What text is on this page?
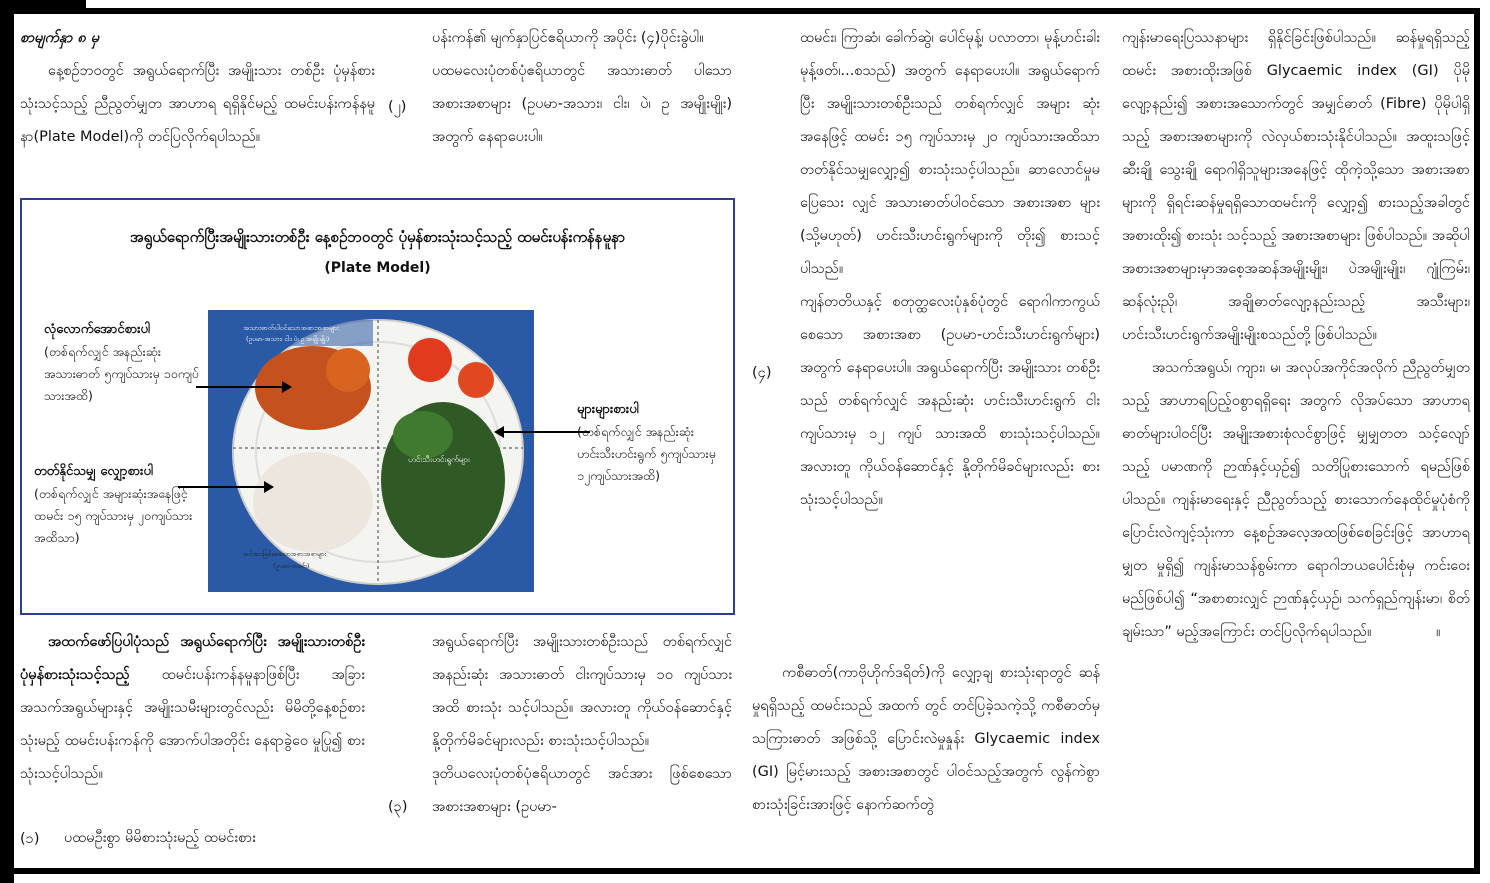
စာမျက်နှာ ၈ မှ

နေ့စဉ်ဘဝတွင် အရွယ်ရောက်ပြီး အမျိုးသား တစ်ဦး ပုံမှန်စားသုံးသင့်သည့် ညီညွတ်မျှတ အာဟာရ ရရှိနိုင်မည့် ထမင်းပန်းကန်နမူနာ(Plate Model)ကို တင်ပြလိုက်ရပါသည်။

(၂)

ပန်းကန်၏ မျက်နှာပြင်ဧရိယာကို အပိုင်း (၄)ပိုင်းခွဲပါ။

ပထမလေးပုံတစ်ပုံဧရိယာတွင် အသားဓာတ် ပါသောအစားအစာများ (ဥပမာ-အသား၊ ငါး၊ ပဲ၊ ဥ အမျိုးမျိုး) အတွက် နေရာပေးပါ။

အရွယ်ရောက်ပြီးအမျိုးသားတစ်ဦး နေ့စဉ်ဘဝတွင် ပုံမှန်စားသုံးသင့်သည့် ထမင်းပန်းကန်နမူနာ
(Plate Model)
လုံလောက်အောင်စားပါ
(တစ်ရက်လျှင် အနည်းဆုံး အသားဓာတ် ၅ကျပ်သားမှ ၁၀ကျပ်သားအထိ)
တတ်နိုင်သမျှ လျှော့စားပါ
(တစ်ရက်လျှင် အများဆုံးအနေဖြင့် ထမင်း ၁၅ ကျပ်သားမှ ၂၀ကျပ်သား အထိသာ)
များများစားပါ
(တစ်ရက်လျှင် အနည်းဆုံး ဟင်းသီးဟင်းရွက် ၅ကျပ်သားမှ ၁၂ကျပ်သားအထိ)
အသားဓာတ်ပါဝင်သောအစားအစာများ
(ဥပမာ-အသား၊ ငါး၊ ပဲ၊ ဥ အမျိုးမျိုး)
ဟင်းသီးဟင်းရွက်များ
အင်အားဖြစ်စေသောအစားအစာများ
(ဥပမာ-ထမင်း)

အထက်ဖော်ပြပါပုံသည် အရွယ်ရောက်ပြီး အမျိုးသားတစ်ဦး ပုံမှန်စားသုံးသင့်သည့် ထမင်းပန်းကန်နမူနာဖြစ်ပြီး အခြားအသက်အရွယ်များနှင့် အမျိုးသမီးများတွင်လည်း မိမိတို့နေ့စဉ်စားသုံးမည့် ထမင်းပန်းကန်ကို အောက်ပါအတိုင်း နေရာခွဲဝေ မှုပြု၍ စားသုံးသင့်ပါသည်။

(၁) ပထမဦးစွာ မိမိစားသုံးမည့် ထမင်းစား

အရွယ်ရောက်ပြီး အမျိုးသားတစ်ဦးသည် တစ်ရက်လျှင် အနည်းဆုံး အသားဓာတ် ငါးကျပ်သားမှ ၁၀ ကျပ်သားအထိ စားသုံး သင့်ပါသည်။ အလားတူ ကိုယ်ဝန်ဆောင်နှင့် နို့တိုက်မိခင်များလည်း စားသုံးသင့်ပါသည်။

ဒုတိယလေးပုံတစ်ပုံဧရိယာတွင် အင်အား ဖြစ်စေသော အစားအစာများ (ဥပမာ-

(၃)

ထမင်း၊ ကြာဆံ၊ ခေါက်ဆွဲ၊ ပေါင်မုန့်၊ ပလာတာ၊ မုန့်ဟင်းခါးမုန့်ဖတ်၊...စသည်) အတွက် နေရာပေးပါ။ အရွယ်ရောက်ပြီး အမျိုးသားတစ်ဦးသည် တစ်ရက်လျှင် အများ ဆုံးအနေဖြင့် ထမင်း ၁၅ ကျပ်သားမှ ၂၀ ကျပ်သားအထိသာ တတ်နိုင်သမျှလျှော့၍ စားသုံးသင့်ပါသည်။ ဆာလောင်မှုမပြေသေး လျှင် အသားဓာတ်ပါဝင်သော အစားအစာ များ (သို့မဟုတ်) ဟင်းသီးဟင်းရွက်များကို တိုး၍ စားသင့်ပါသည်။

ကျန်တတိယနှင့် စတုတ္ထလေးပုံနှစ်ပုံတွင် ရောဂါကာကွယ်စေသော အစားအစာ (ဥပမာ-ဟင်းသီးဟင်းရွက်များ) အတွက် နေရာပေးပါ။ အရွယ်ရောက်ပြီး အမျိုးသား တစ်ဦးသည် တစ်ရက်လျှင် အနည်းဆုံး ဟင်းသီးဟင်းရွက် ငါးကျပ်သားမှ ၁၂ ကျပ် သားအထိ စားသုံးသင့်ပါသည်။ အလားတူ ကိုယ်ဝန်ဆောင်နှင့် နို့တိုက်မိခင်များလည်း စားသုံးသင့်ပါသည်။

(၄)

ကစီဓာတ်(ကာဗိုဟိုက်ဒရိတ်)ကို လျှော့ချ စားသုံးရာတွင် ဆန်မှုရရှိသည့် ထမင်းသည် အထက် တွင် တင်ပြခဲ့သကဲ့သို့ ကစီဓာတ်မှ သကြားဓာတ် အဖြစ်သို့ ပြောင်းလဲမှုနှုန်း Glycaemic index (GI) မြင့်မားသည့် အစားအစာတွင် ပါဝင်သည့်အတွက် လွန်ကဲစွာ စားသုံးခြင်းအားဖြင့် နောက်ဆက်တွဲ

ကျန်းမာရေးပြဿနာများ ရှိနိုင်ခြင်းဖြစ်ပါသည်။ ဆန်မှုရရှိသည့်ထမင်း အစားထိုးအဖြစ် Glycaemic index (GI) ပိုမိုလျော့နည်း၍ အစားအသောက်တွင် အမျှင်ဓာတ် (Fibre) ပိုမိုပါရှိသည့် အစားအစာများကို လဲလှယ်စားသုံးနိုင်ပါသည်။ အထူးသဖြင့် ဆီးချို သွေးချို ရောဂါရှိသူများအနေဖြင့် ထိုကဲ့သို့သော အစားအစာများကို ရှိရင်းဆန်မှုရရှိသောထမင်းကို လျှော့၍ စားသည့်အခါတွင် အစားထိုး၍ စားသုံး သင့်သည့် အစားအစာများ ဖြစ်ပါသည်။ အဆိုပါ အစားအစာများမှာအစေ့အဆန်အမျိုးမျိုး၊ ပဲအမျိုးမျိုး၊ ဂျုံကြမ်း၊ ဆန်လုံးညို၊ အချိုဓာတ်လျော့နည်းသည့် အသီးများ၊ ဟင်းသီးဟင်းရွက်အမျိုးမျိုးစသည်တို့ ဖြစ်ပါသည်။

အသက်အရွယ်၊ ကျား၊ မ၊ အလုပ်အကိုင်အလိုက် ညီညွတ်မျှတသည့် အာဟာရပြည့်ဝစွာရရှိရေး အတွက် လိုအပ်သော အာဟာရဓာတ်များပါဝင်ပြီး အမျိုးအစားစုံလင်စွာဖြင့် မျှမျှတတ သင့်လျော်သည့် ပမာဏကို ဉာဏ်နှင့်ယှဉ်၍ သတိပြုစားသောက် ရမည်ဖြစ်ပါသည်။ ကျန်းမာရေးနှင့် ညီညွတ်သည့် စားသောက်နေထိုင်မှုပုံစံကို ပြောင်းလဲကျင့်သုံးကာ နေ့စဉ်အလေ့အထဖြစ်စေခြင်းဖြင့် အာဟာရမျှတ မှုရှိ၍ ကျန်းမာသန်စွမ်းကာ ရောဂါဘယပေါင်းစုံမှ ကင်းဝေးမည်ဖြစ်ပါ၍ “အစာစားလျှင် ဉာဏ်နှင့်ယှဉ်၊ သက်ရှည်ကျန်းမာ၊ စိတ်ချမ်းသာ” မည့်အကြောင်း တင်ပြလိုက်ရပါသည်။	။
